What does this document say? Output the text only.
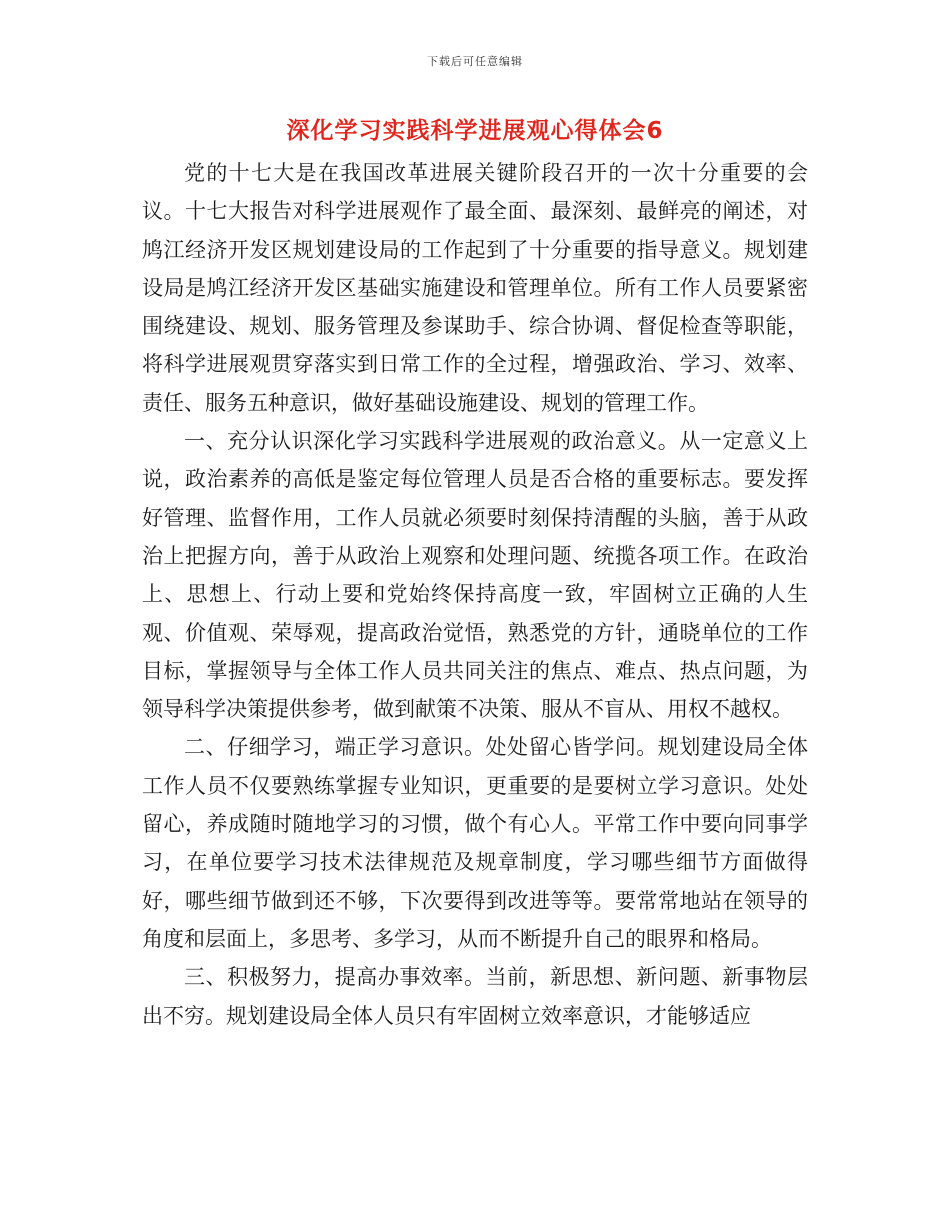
下载后可任意编辑
深化学习实践科学进展观心得体会6

党的十七大是在我国改革进展关键阶段召开的一次十分重要的会议。十七大报告对科学进展观作了最全面、最深刻、最鲜亮的阐述，对鸠江经济开发区规划建设局的工作起到了十分重要的指导意义。规划建设局是鸠江经济开发区基础实施建设和管理单位。所有工作人员要紧密围绕建设、规划、服务管理及参谋助手、综合协调、督促检查等职能，将科学进展观贯穿落实到日常工作的全过程，增强政治、学习、效率、责任、服务五种意识，做好基础设施建设、规划的管理工作。

一、充分认识深化学习实践科学进展观的政治意义。从一定意义上说，政治素养的高低是鉴定每位管理人员是否合格的重要标志。要发挥好管理、监督作用，工作人员就必须要时刻保持清醒的头脑，善于从政治上把握方向，善于从政治上观察和处理问题、统揽各项工作。在政治上、思想上、行动上要和党始终保持高度一致，牢固树立正确的人生观、价值观、荣辱观，提高政治觉悟，熟悉党的方针，通晓单位的工作目标，掌握领导与全体工作人员共同关注的焦点、难点、热点问题，为领导科学决策提供参考，做到献策不决策、服从不盲从、用权不越权。

二、仔细学习，端正学习意识。处处留心皆学问。规划建设局全体工作人员不仅要熟练掌握专业知识，更重要的是要树立学习意识。处处留心，养成随时随地学习的习惯，做个有心人。平常工作中要向同事学习，在单位要学习技术法律规范及规章制度，学习哪些细节方面做得好，哪些细节做到还不够，下次要得到改进等等。要常常地站在领导的角度和层面上，多思考、多学习，从而不断提升自己的眼界和格局。

三、积极努力，提高办事效率。当前，新思想、新问题、新事物层出不穷。规划建设局全体人员只有牢固树立效率意识，才能够适应
